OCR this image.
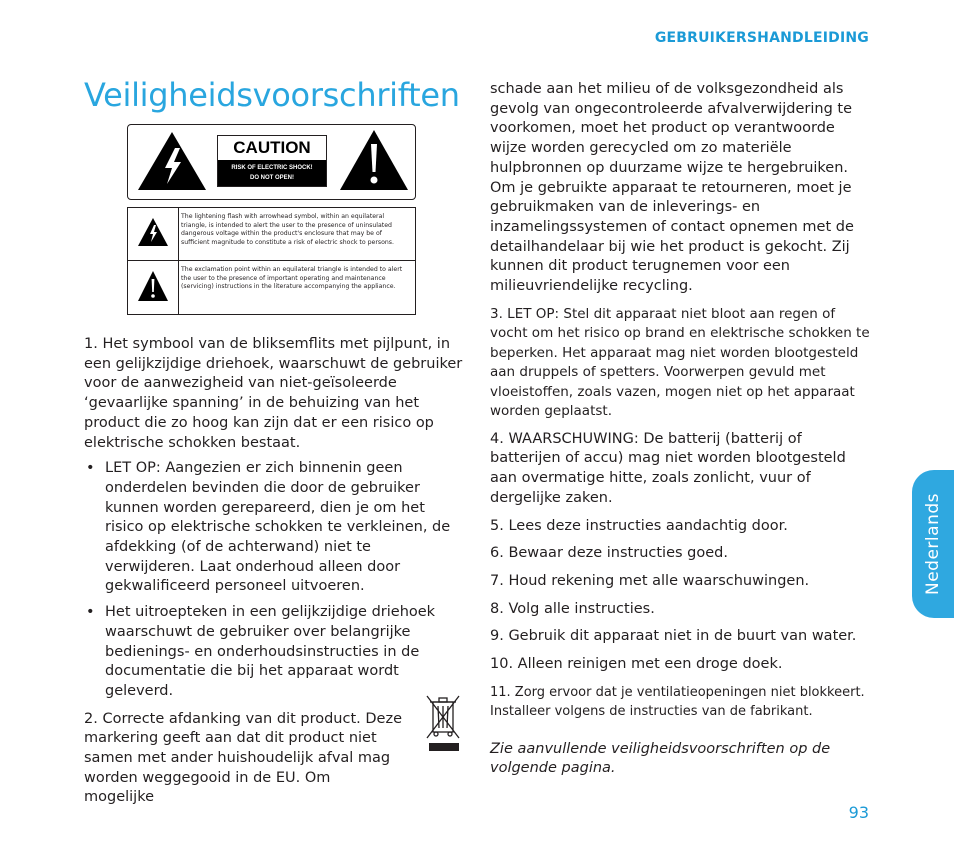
GEBRUIKERSHANDLEIDING
Veiligheidsvoorschriften
CAUTION
RISK OF ELECTRIC SHOCK!
DO NOT OPEN!
The lightening flash with arrowhead symbol, within an equilateral triangle, is intended to alert the user to the presence of uninsulated dangerous voltage within the product's enclosure that may be of sufficient magnitude to constitute a risk of electric shock to persons.
The exclamation point within an equilateral triangle is intended to alert the user to the presence of important operating and maintenance (servicing) instructions in the literature accompanying the appliance.

1. Het symbool van de bliksemflits met pijlpunt, in een gelijkzijdige driehoek, waarschuwt de gebruiker voor de aanwezigheid van niet-geïsoleerde ‘gevaarlijke spanning’ in de behuizing van het product die zo hoog kan zijn dat er een risico op elektrische schokken bestaat.

• LET OP: Aangezien er zich binnenin geen onderdelen bevinden die door de gebruiker kunnen worden gerepareerd, dien je om het risico op elektrische schokken te verkleinen, de afdekking (of de achterwand) niet te verwijderen. Laat onderhoud alleen door gekwalificeerd personeel uitvoeren.
• Het uitroepteken in een gelijkzijdige driehoek waarschuwt de gebruiker over belangrijke bedienings- en onderhoudsinstructies in de documentatie die bij het apparaat wordt geleverd.

2. Correcte afdanking van dit product. Deze markering geeft aan dat dit product niet samen met ander huishoudelijk afval mag worden weggegooid in de EU. Om mogelijke

schade aan het milieu of de volksgezondheid als gevolg van ongecontroleerde afvalverwijdering te voorkomen, moet het product op verantwoorde wijze worden gerecycled om zo materiële hulpbronnen op duurzame wijze te hergebruiken. Om je gebruikte apparaat te retourneren, moet je gebruikmaken van de inleverings- en inzamelingssystemen of contact opnemen met de detailhandelaar bij wie het product is gekocht. Zij kunnen dit product terugnemen voor een milieuvriendelijke recycling.

3. LET OP: Stel dit apparaat niet bloot aan regen of vocht om het risico op brand en elektrische schokken te beperken. Het apparaat mag niet worden blootgesteld aan druppels of spetters. Voorwerpen gevuld met vloeistoffen, zoals vazen, mogen niet op het apparaat worden geplaatst.

4. WAARSCHUWING: De batterij (batterij of batterijen of accu) mag niet worden blootgesteld aan overmatige hitte, zoals zonlicht, vuur of dergelijke zaken.

5. Lees deze instructies aandachtig door.

6. Bewaar deze instructies goed.

7. Houd rekening met alle waarschuwingen.

8. Volg alle instructies.

9. Gebruik dit apparaat niet in de buurt van water.

10. Alleen reinigen met een droge doek.

11. Zorg ervoor dat je ventilatieopeningen niet blokkeert. Installeer volgens de instructies van de fabrikant.

Zie aanvullende veiligheidsvoorschriften op de volgende pagina.

Nederlands
93
